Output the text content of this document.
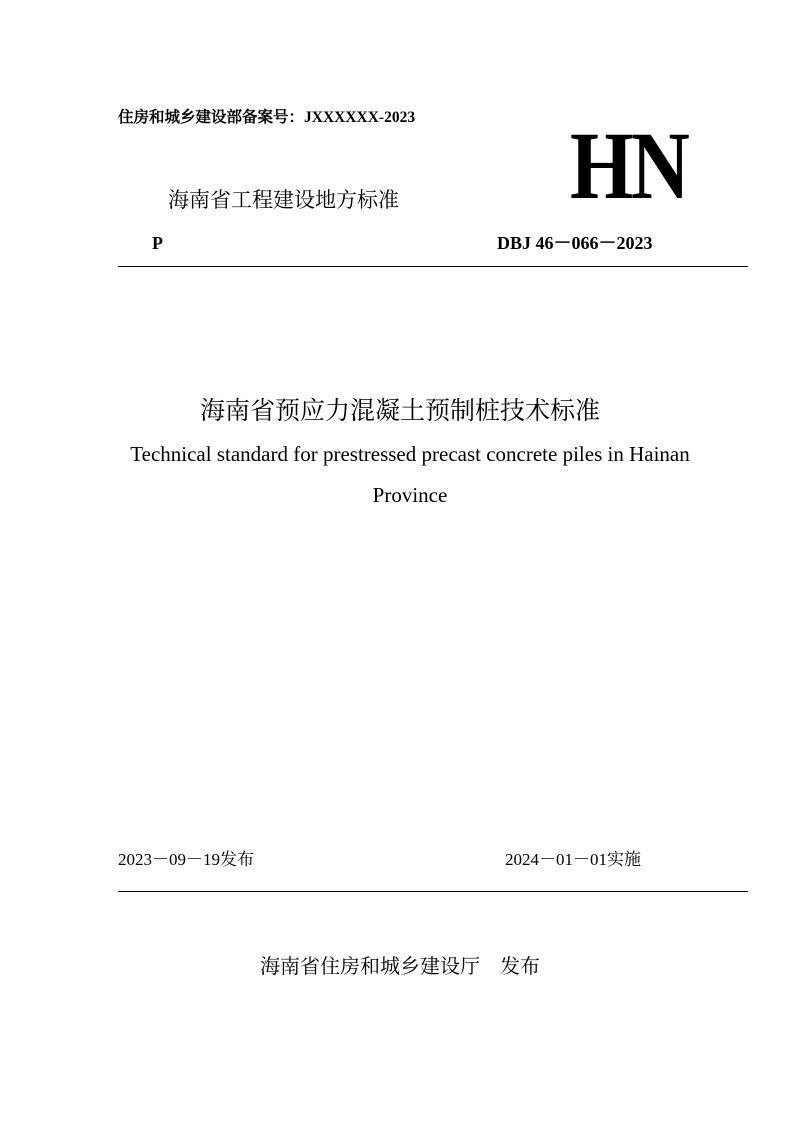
住房和城乡建设部备案号：JXXXXXX-2023 HN
海南省工程建设地方标准
P	DBJ 46－066－2023
海南省预应力混凝土预制桩技术标准
Technical standard for prestressed precast concrete piles in Hainan
Province
2023－09－19发布	2024－01－01实施
海南省住房和城乡建设厅　发布
